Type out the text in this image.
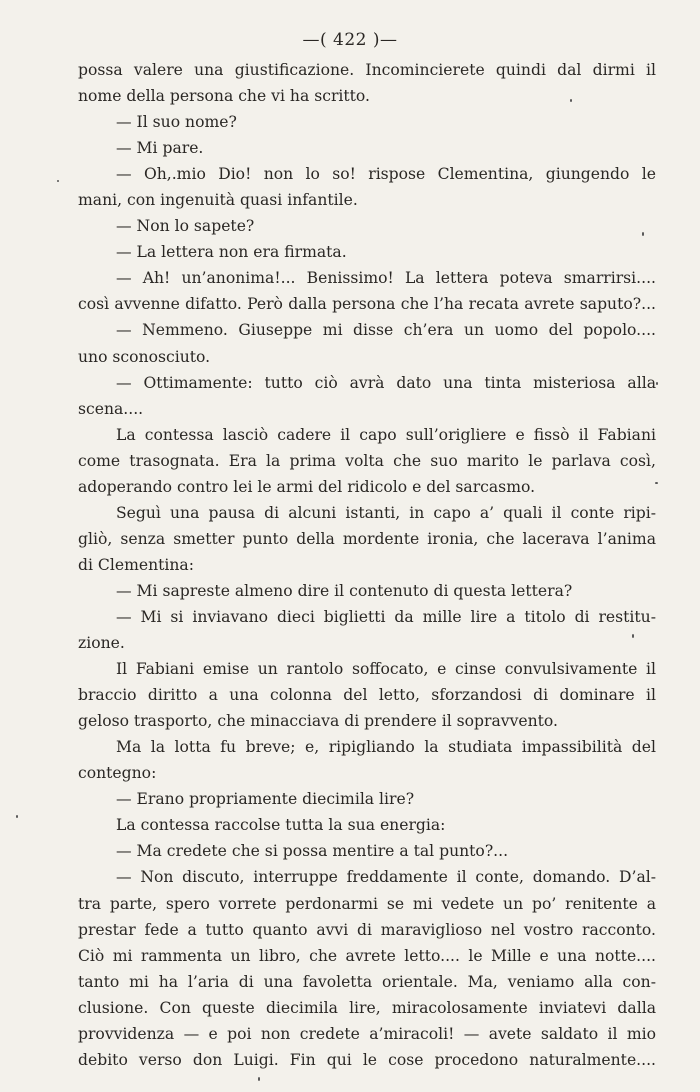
—( 422 )—
possa valere una giustificazione. Incomincierete quindi dal dirmi il
nome della persona che vi ha scritto.
— Il suo nome?
— Mi pare.
— Oh,.mio Dio! non lo so! rispose Clementina, giungendo le
mani, con ingenuità quasi infantile.
— Non lo sapete?
— La lettera non era firmata.
— Ah! un’anonima!... Benissimo! La lettera poteva smarrirsi....
così avvenne difatto. Però dalla persona che l’ha recata avrete saputo?...
— Nemmeno. Giuseppe mi disse ch’era un uomo del popolo....
uno sconosciuto.
— Ottimamente: tutto ciò avrà dato una tinta misteriosa alla
scena....
La contessa lasciò cadere il capo sull’origliere e fissò il Fabiani
come trasognata. Era la prima volta che suo marito le parlava così,
adoperando contro lei le armi del ridicolo e del sarcasmo.
Seguì una pausa di alcuni istanti, in capo a’ quali il conte ripi-
gliò, senza smetter punto della mordente ironia, che lacerava l’anima
di Clementina:
— Mi sapreste almeno dire il contenuto di questa lettera?
— Mi si inviavano dieci biglietti da mille lire a titolo di restitu-
zione.
Il Fabiani emise un rantolo soffocato, e cinse convulsivamente il
braccio diritto a una colonna del letto, sforzandosi di dominare il
geloso trasporto, che minacciava di prendere il sopravvento.
Ma la lotta fu breve; e, ripigliando la studiata impassibilità del
contegno:
— Erano propriamente diecimila lire?
La contessa raccolse tutta la sua energia:
— Ma credete che si possa mentire a tal punto?...
— Non discuto, interruppe freddamente il conte, domando. D’al-
tra parte, spero vorrete perdonarmi se mi vedete un po’ renitente a
prestar fede a tutto quanto avvi di maraviglioso nel vostro racconto.
Ciò mi rammenta un libro, che avrete letto.... le Mille e una notte....
tanto mi ha l’aria di una favoletta orientale. Ma, veniamo alla con-
clusione. Con queste diecimila lire, miracolosamente inviatevi dalla
provvidenza — e poi non credete a’miracoli! — avete saldato il mio
debito verso don Luigi. Fin qui le cose procedono naturalmente....
